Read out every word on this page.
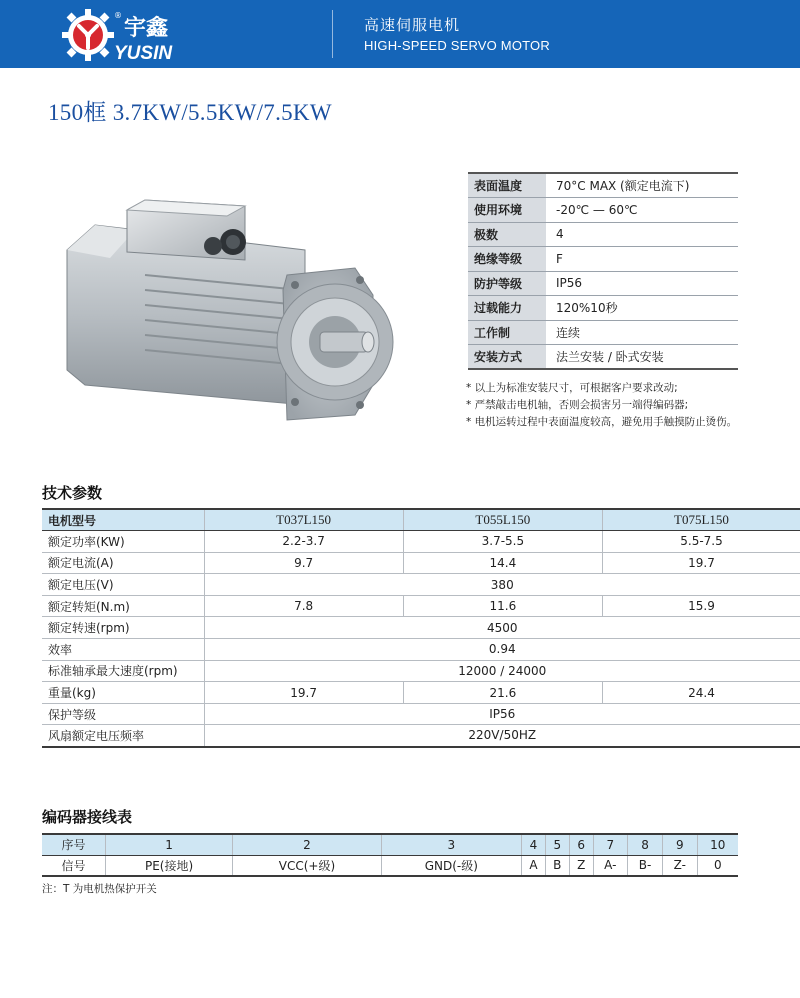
® 宇鑫
YUSIN
高速伺服电机
HIGH-SPEED SERVO MOTOR
150框 3.7KW/5.5KW/7.5KW
表面温度	70°C MAX (额定电流下)
使用环境	-20℃ — 60℃
极数	4
绝缘等级	F
防护等级	IP56
过载能力	120%10秒
工作制	连续
安装方式	法兰安装 / 卧式安装
* 以上为标准安装尺寸，可根据客户要求改动;
* 严禁敲击电机轴，否则会损害另一端得编码器;
* 电机运转过程中表面温度较高，避免用手触摸防止烫伤。
技术参数
电机型号	T037L150	T055L150	T075L150
额定功率(KW)	2.2-3.7	3.7-5.5	5.5-7.5
额定电流(A)	9.7	14.4	19.7
额定电压(V)	380		
额定转矩(N.m)	7.8	11.6	15.9
额定转速(rpm)	4500		
效率	0.94		
标准轴承最大速度(rpm)	12000 / 24000		
重量(kg)	19.7	21.6	24.4
保护等级	IP56		
风扇额定电压频率	220V/50HZ		
编码器接线表
序号	1	2	3	4	5	6	7	8	9	10
信号	PE(接地)	VCC(+级)	GND(-级)	A	B	Z	A-	B-	Z-	0
注：T 为电机热保护开关
